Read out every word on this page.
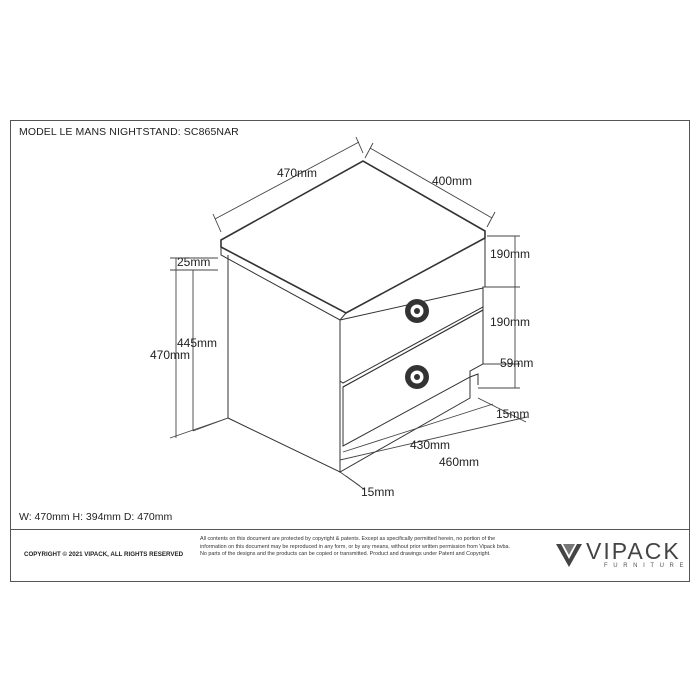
MODEL LE MANS NIGHTSTAND: SC865NAR
470mm
400mm
25mm
445mm
470mm
190mm
190mm
59mm
15mm
430mm
460mm
15mm
W: 470mm H: 394mm D: 470mm
COPYRIGHT © 2021 VIPACK, ALL RIGHTS RESERVED
All contents on this document are protected by copyright & patents. Except as specifically permitted herein, no portion of the information on this document may be reproduced in any form, or by any means, without prior written permission from Vipack bvba. No parts of the designs and the products can be copied or transmitted. Product and drawings under Patent and Copyright.	VIPACK
FURNITURE
